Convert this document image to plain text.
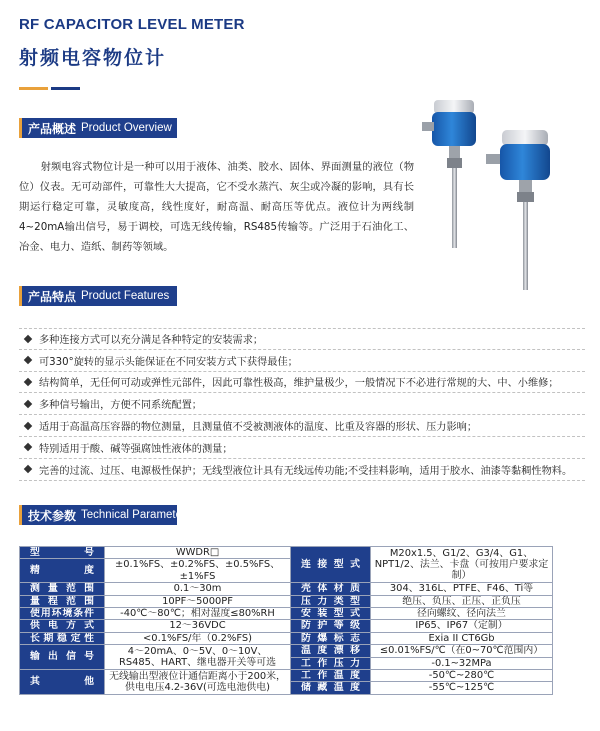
RF CAPACITOR LEVEL METER
射频电容物位计
产品概述 Product Overview

射频电容式物位计是一种可以用于液体、油类、胶水、固体、界面测量的液位（物位）仪表。无可动部件，可靠性大大提高，它不受水蒸汽、灰尘或冷凝的影响，具有长期运行稳定可靠，灵敏度高，线性度好，耐高温、耐高压等优点。液位计为两线制4~20mA输出信号，易于调校，可选无线传输，RS485传输等。广泛用于石油化工、冶金、电力、造纸、制药等领域。

产品特点 Product Features
多种连接方式可以充分满足各种特定的安装需求；
可330°旋转的显示头能保证在不同安装方式下获得最佳；
结构简单，无任何可动或弹性元部件，因此可靠性极高，维护量极少，一般情况下不必进行常规的大、中、小维修；
多种信号输出，方便不同系统配置；
适用于高温高压容器的物位测量，且测量值不受被测液体的温度、比重及容器的形状、压力影响；
特别适用于酸、碱等强腐蚀性液体的测量；
完善的过流、过压、电源极性保护；无线型液位计具有无线远传功能;不受挂料影响，适用于胶水、油漆等黏稠性物料。
技术参数 Technical Parameters
型号	WWDR□	连接型式	M20x1.5、G1/2、G3/4、G1、NPT1/2、法兰、卡盘（可按用户要求定制）
精度	±0.1%FS、±0.2%FS、±0.5%FS、±1%FS		

测量范围	0.1～30m	壳体材质	304、316L、PTFE、F46、Ti等
量程范围	10PF～5000PF	压力类型	绝压、负压、正压、正负压
使用环境条件	-40℃～80℃；相对湿度≤80%RH	安装型式	径向螺纹、径向法兰
供电方式	12～36VDC	防护等级	IP65、IP67（定制）
长期稳定性	<0.1%FS/年（0.2%FS)	防爆标志	Exia II CT6Gb
输出信号	4～20mA、0～5V、0～10V、RS485、HART、继电器开关等可选	温度漂移	≤0.01%FS/℃（在0~70℃范围内）
		工作压力	-0.1~32MPa
其他	无线输出型液位计通信距离小于200米，供电电压4.2-36V(可选电池供电)	工作温度	-50℃~280℃
		储藏温度	-55℃~125℃
